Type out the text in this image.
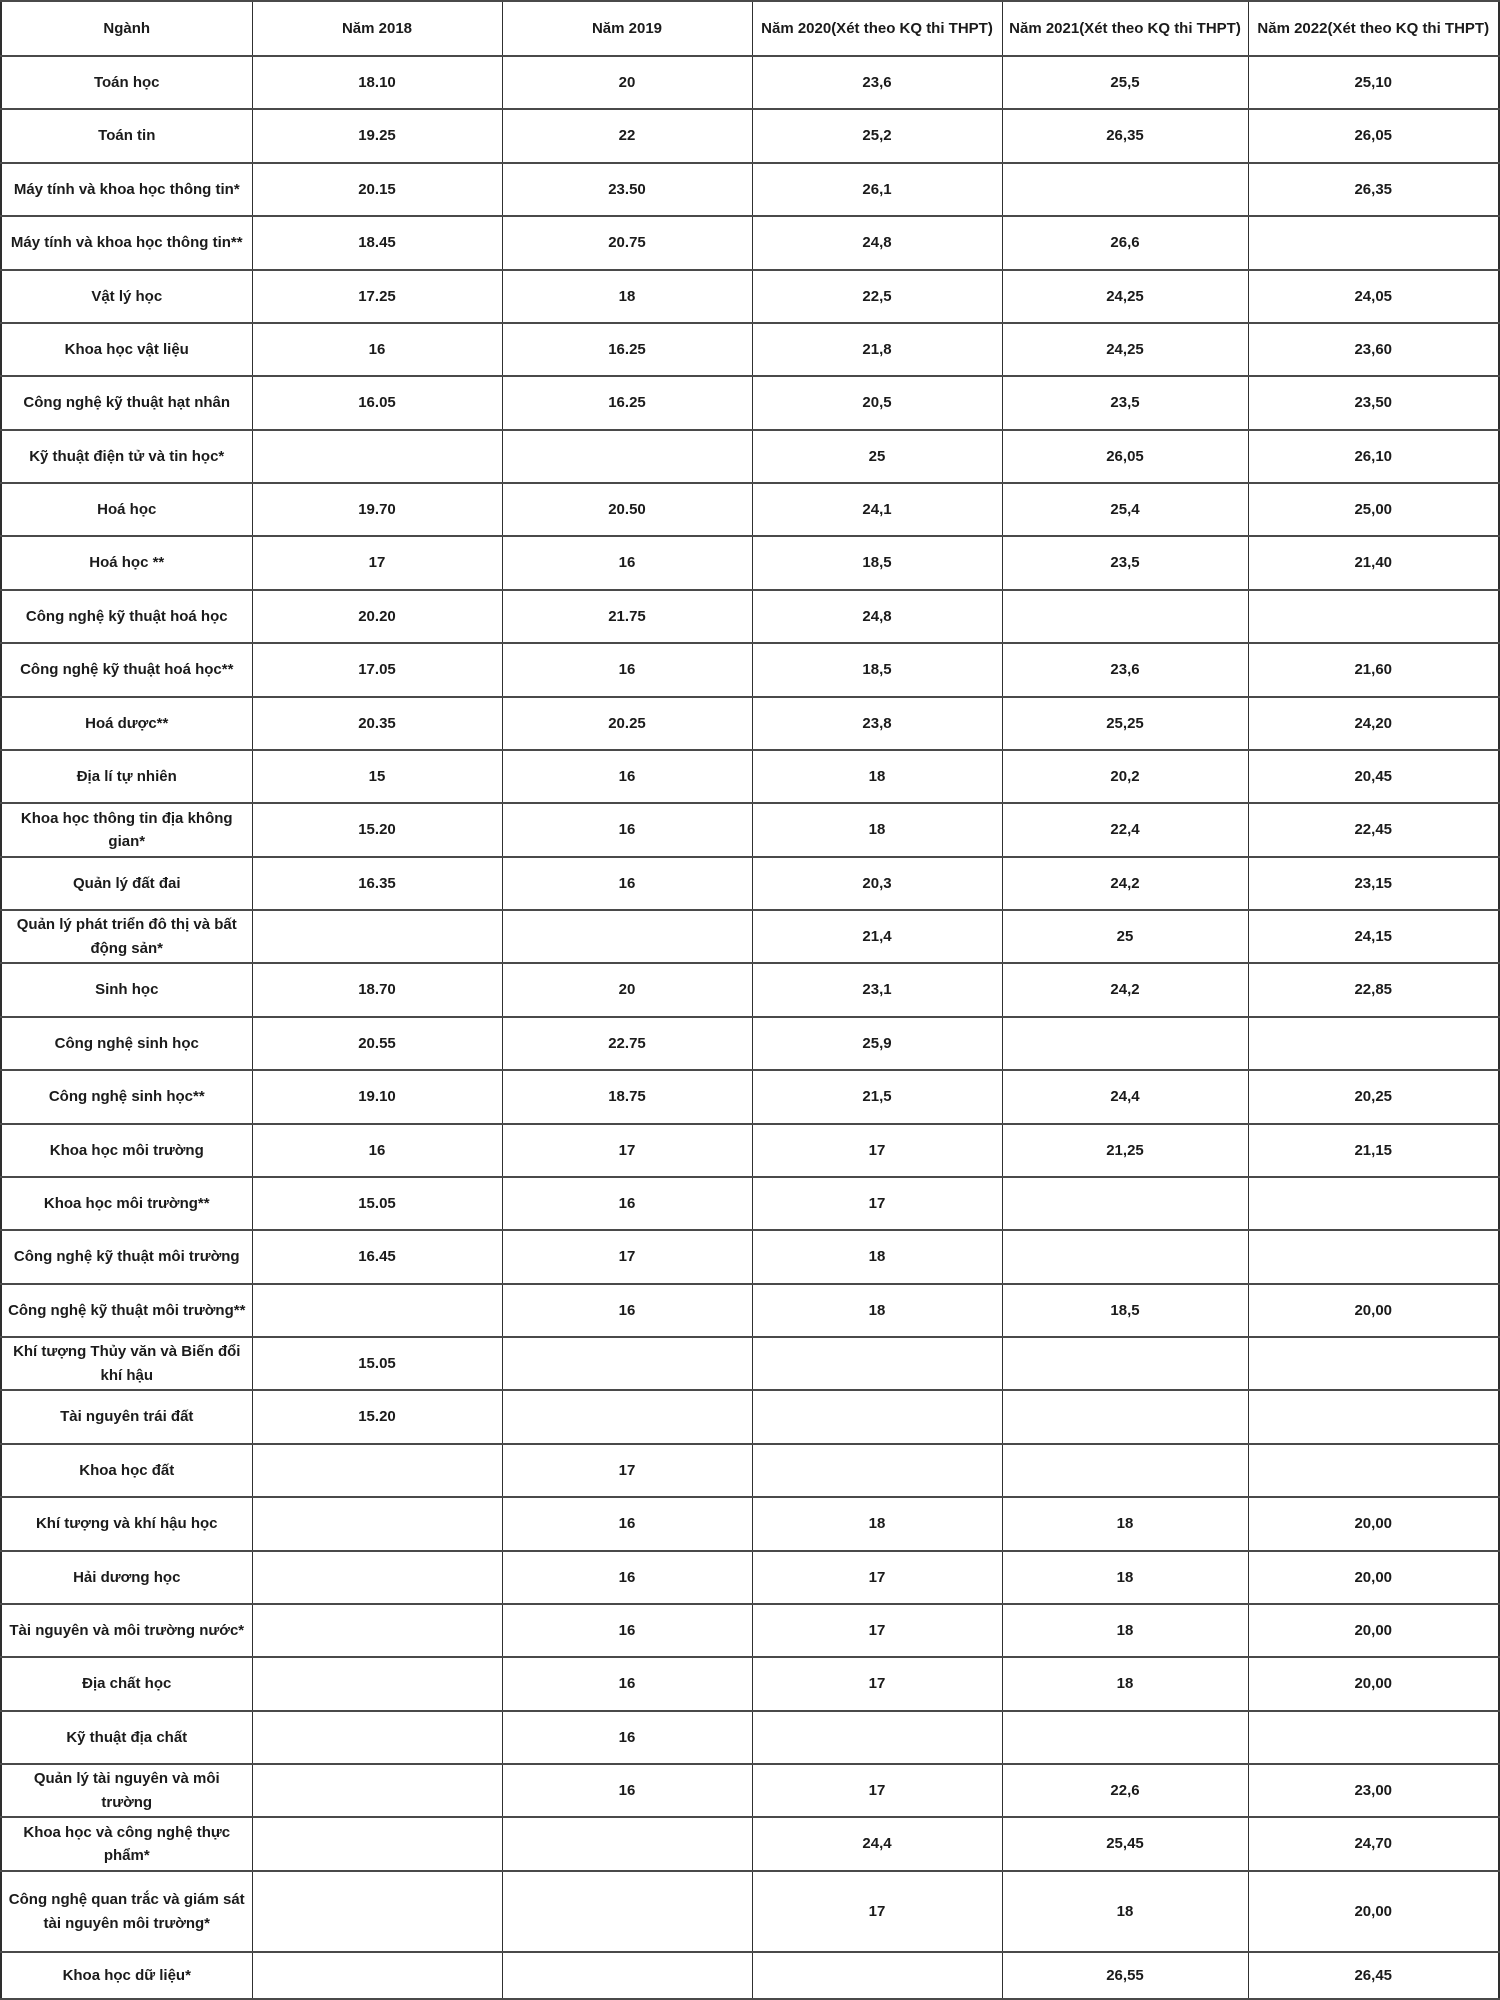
Ngành	Năm 2018	Năm 2019	Năm 2020(Xét theo KQ thi THPT)	Năm 2021(Xét theo KQ thi THPT)	Năm 2022(Xét theo KQ thi THPT)
Toán học	18.10	20	23,6	25,5	25,10
Toán tin	19.25	22	25,2	26,35	26,05
Máy tính và khoa học thông tin*	20.15	23.50	26,1		26,35
Máy tính và khoa học thông tin**	18.45	20.75	24,8	26,6	
Vật lý học	17.25	18	22,5	24,25	24,05
Khoa học vật liệu	16	16.25	21,8	24,25	23,60
Công nghệ kỹ thuật hạt nhân	16.05	16.25	20,5	23,5	23,50
Kỹ thuật điện tử và tin học*			25	26,05	26,10
Hoá học	19.70	20.50	24,1	25,4	25,00
Hoá học **	17	16	18,5	23,5	21,40
Công nghệ kỹ thuật hoá học	20.20	21.75	24,8		
Công nghệ kỹ thuật hoá học**	17.05	16	18,5	23,6	21,60
Hoá dược**	20.35	20.25	23,8	25,25	24,20
Địa lí tự nhiên	15	16	18	20,2	20,45
Khoa học thông tin địa không gian*	15.20	16	18	22,4	22,45
Quản lý đất đai	16.35	16	20,3	24,2	23,15
Quản lý phát triển đô thị và bất động sản*			21,4	25	24,15
Sinh học	18.70	20	23,1	24,2	22,85
Công nghệ sinh học	20.55	22.75	25,9		
Công nghệ sinh học**	19.10	18.75	21,5	24,4	20,25
Khoa học môi trường	16	17	17	21,25	21,15
Khoa học môi trường**	15.05	16	17		
Công nghệ kỹ thuật môi trường	16.45	17	18		
Công nghệ kỹ thuật môi trường**		16	18	18,5	20,00
Khí tượng Thủy văn và Biến đổi khí hậu	15.05				
Tài nguyên trái đất	15.20				
Khoa học đất		17			
Khí tượng và khí hậu học		16	18	18	20,00
Hải dương học		16	17	18	20,00
Tài nguyên và môi trường nước*		16	17	18	20,00
Địa chất học		16	17	18	20,00
Kỹ thuật địa chất		16			
Quản lý tài nguyên và môi trường		16	17	22,6	23,00
Khoa học và công nghệ thực phẩm*			24,4	25,45	24,70
Công nghệ quan trắc và giám sát tài nguyên môi trường*			17	18	20,00
Khoa học dữ liệu*				26,55	26,45
